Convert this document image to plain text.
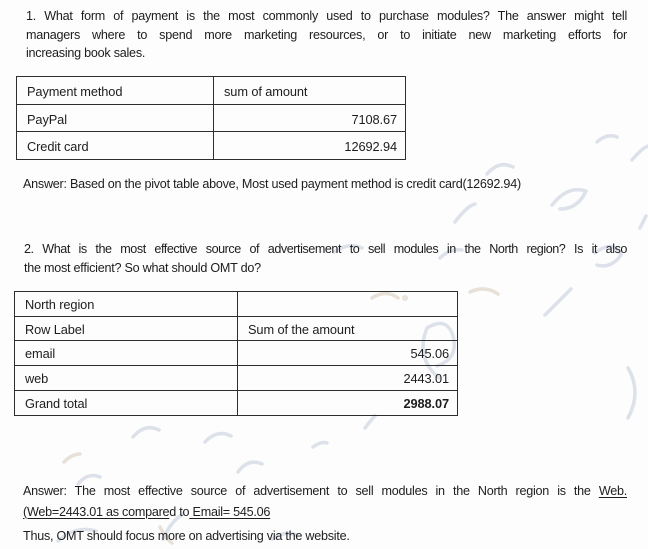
1. What form of payment is the most commonly used to purchase modules? The answer might tell
managers where to spend more marketing resources, or to initiate new marketing efforts for
increasing book sales.
Payment method	sum of amount
PayPal	7108.67
Credit card	12692.94
Answer: Based on the pivot table above, Most used payment method is credit card(12692.94)
2. What is the most effective source of advertisement to sell modules in the North region? Is it also
the most efficient? So what should OMT do?
North region	
Row Label	Sum of the amount
email	545.06
web	2443.01
Grand total	2988.07
Answer: The most effective source of advertisement to sell modules in the North region is the Web.
(Web=2443.01 as compared to Email= 545.06
Thus, OMT should focus more on advertising via the website.
